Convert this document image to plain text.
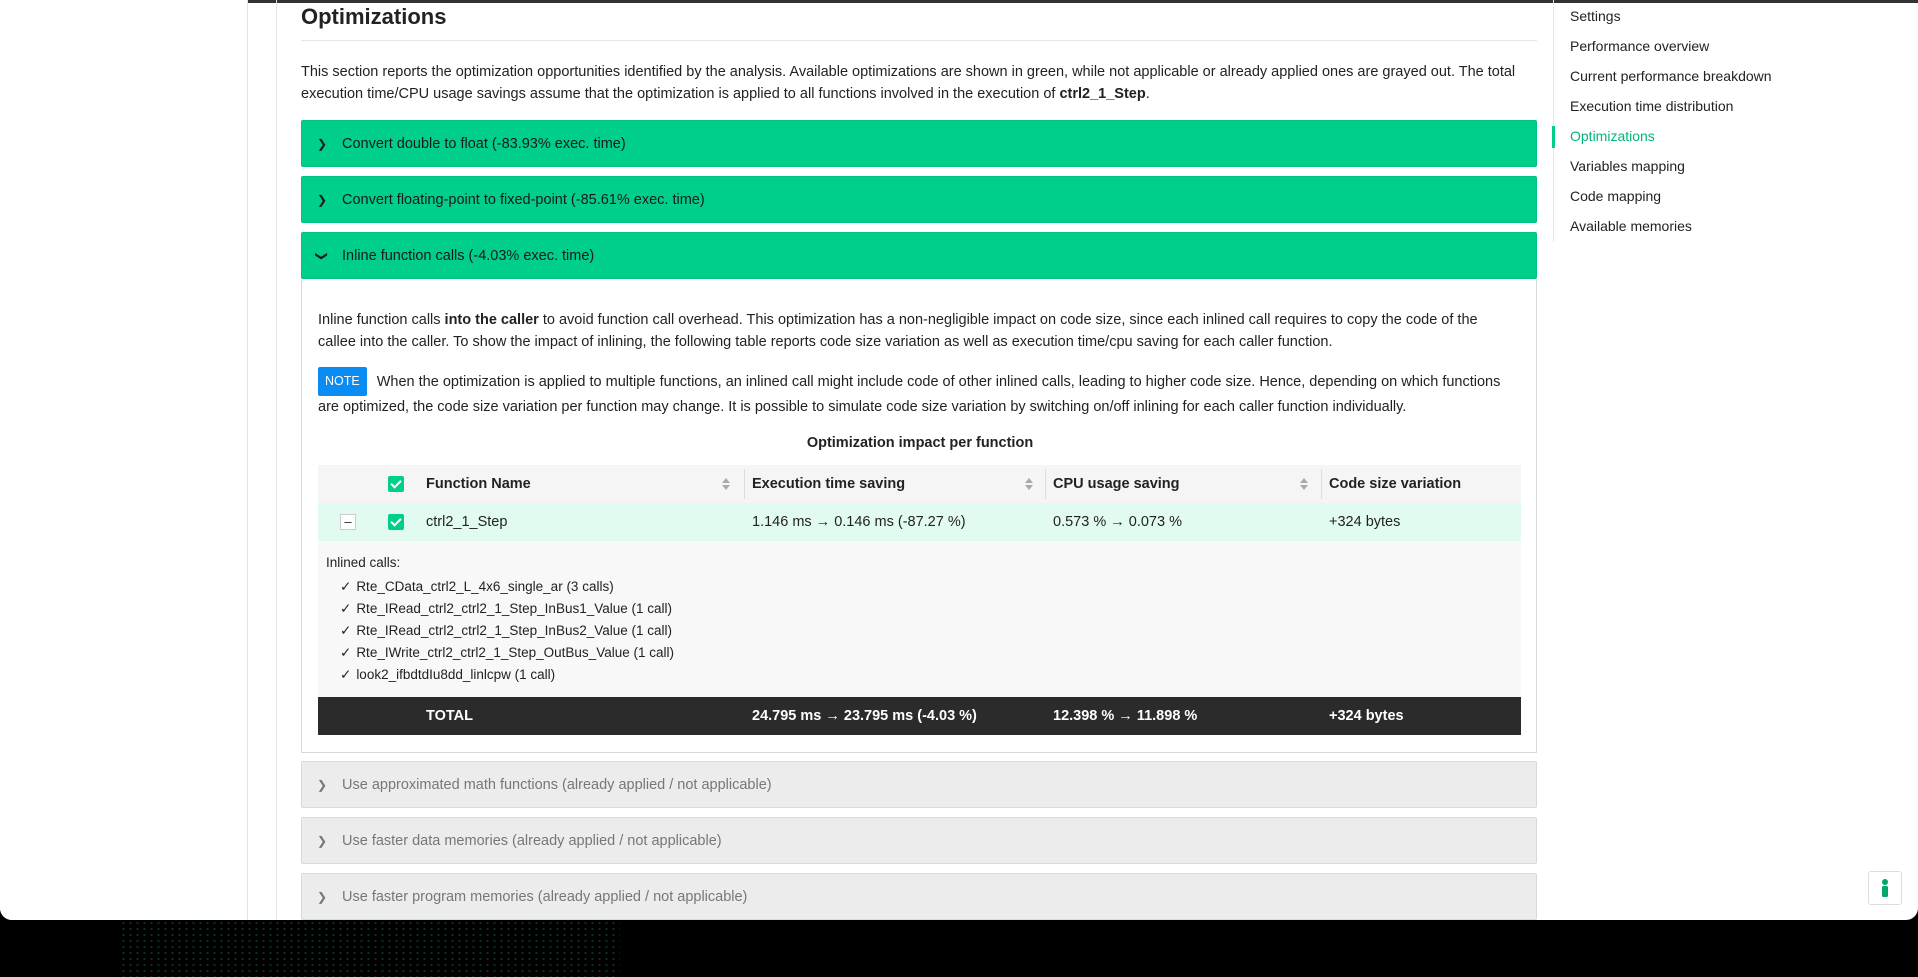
Optimizations

This section reports the optimization opportunities identified by the analysis. Available optimizations are shown in green, while not applicable or already applied ones are grayed out. The total execution time/CPU usage savings assume that the optimization is applied to all functions involved in the execution of ctrl2_1_Step.

❯	Convert double to float (-83.93% exec. time)
❯	Convert floating-point to fixed-point (-85.61% exec. time)
❯ Inline function calls (-4.03% exec. time)

Inline function calls into the caller to avoid function call overhead. This optimization has a non-negligible impact on code size, since each inlined call requires to copy the code of the callee into the caller. To show the impact of inlining, the following table reports code size variation as well as execution time/cpu saving for each caller function.

NOTE When the optimization is applied to multiple functions, an inlined call might include code of other inlined calls, leading to higher code size. Hence, depending on which functions are optimized, the code size variation per function may change. It is possible to simulate code size variation by switching on/off inlining for each caller function individually.

Optimization impact per function
Function Name	Execution time saving	CPU usage saving	Code size variation
–	ctrl2_1_Step	1.146 ms → 0.146 ms (-87.27 %)	0.573 % → 0.073 %	+324 bytes
Inlined calls:
✓ Rte_CData_ctrl2_L_4x6_single_ar (3 calls)
✓ Rte_IRead_ctrl2_ctrl2_1_Step_InBus1_Value (1 call)
✓ Rte_IRead_ctrl2_ctrl2_1_Step_InBus2_Value (1 call)
✓ Rte_IWrite_ctrl2_ctrl2_1_Step_OutBus_Value (1 call)
✓ look2_ifbdtdIu8dd_linlcpw (1 call)
TOTAL	24.795 ms → 23.795 ms (-4.03 %)	12.398 % → 11.898 %	+324 bytes
❯	Use approximated math functions (already applied / not applicable)
❯	Use faster data memories (already applied / not applicable)
❯	Use faster program memories (already applied / not applicable)
Settings
Performance overview
Current performance breakdown
Execution time distribution
Optimizations
Variables mapping
Code mapping
Available memories
